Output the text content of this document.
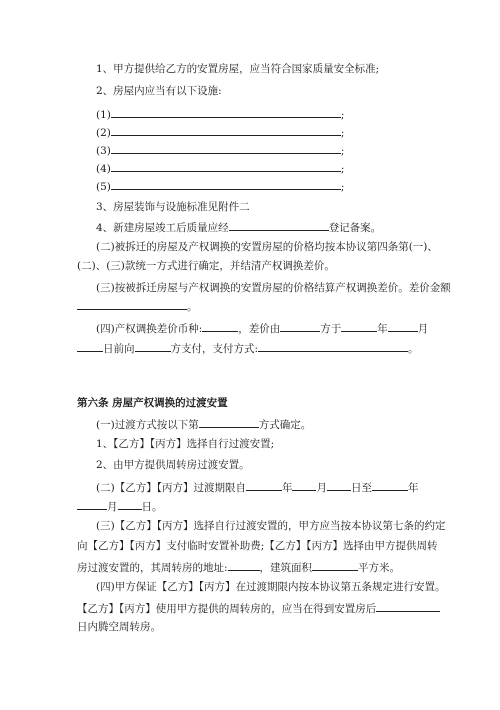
1、甲方提供给乙方的安置房屋，应当符合国家质量安全标准;
2、房屋内应当有以下设施:
(1)	;
(2)	;
(3)	;
(4)	;
(5)	;
3、房屋装饰与设施标准见附件二
4、新建房屋竣工后质量应经	登记备案。
(二)被拆迁的房屋及产权调换的安置房屋的价格均按本协议第四条第(一)、
(二)、(三)款统一方式进行确定，并结清产权调换差价。
(三)按被拆迁房屋与产权调换的安置房屋的价格结算产权调换差价。差价金额
。
(四)产权调换差价币种:	，差价由	方于	年	月
日前向	方支付，支付方式:	。
第六条 房屋产权调换的过渡安置
(一)过渡方式按以下第	方式确定。
1、【乙方】【丙方】选择自行过渡安置;
2、由甲方提供周转房过渡安置。
(二)【乙方】【丙方】过渡期限自	年 月 日至	年
月 日。
(三)【乙方】【丙方】选择自行过渡安置的，甲方应当按本协议第七条的约定
向【乙方】【丙方】支付临时安置补助费;【乙方】【丙方】选择由甲方提供周转
房过渡安置的，其周转房的地址:	，建筑面积	平方米。
(四)甲方保证【乙方】【丙方】在过渡期限内按本协议第五条规定进行安置。
【乙方】【丙方】使用甲方提供的周转房的，应当在得到安置房后
日内腾空周转房。
